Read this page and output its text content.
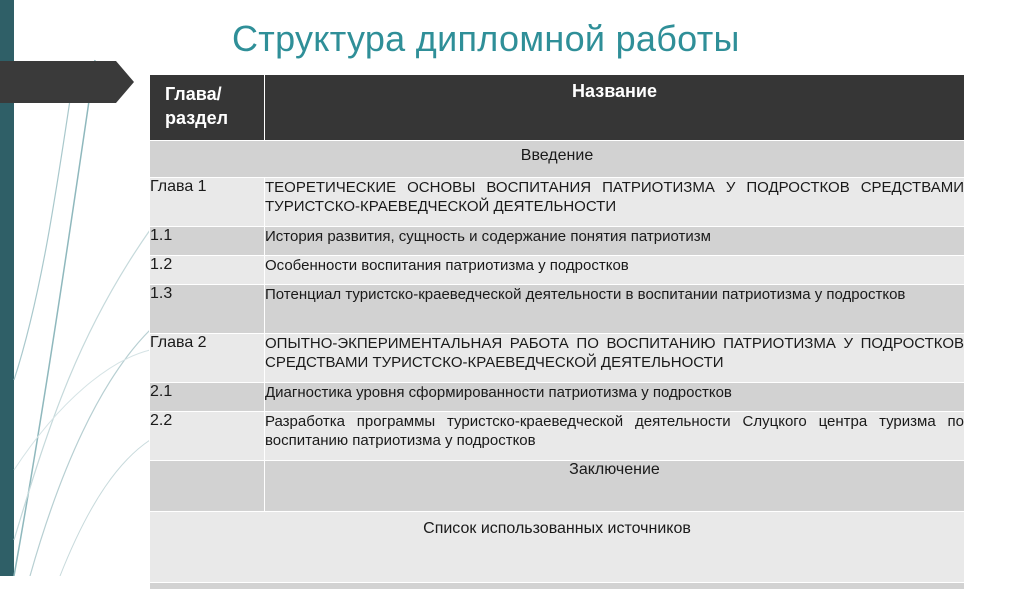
Структура дипломной работы
Глава/
раздел	Название
Введение	
Глава 1	ТЕОРЕТИЧЕСКИЕ ОСНОВЫ ВОСПИТАНИЯ ПАТРИОТИЗМА У ПОДРОСТКОВ СРЕДСТВАМИ ТУРИСТСКО-КРАЕВЕДЧЕСКОЙ ДЕЯТЕЛЬНОСТИ
1.1	История развития, сущность и содержание понятия патриотизм
1.2	Особенности воспитания патриотизма у подростков
1.3	Потенциал туристско-краеведческой деятельности в воспитании патриотизма у подростков
Глава 2	ОПЫТНО-ЭКПЕРИМЕНТАЛЬНАЯ РАБОТА ПО ВОСПИТАНИЮ ПАТРИОТИЗМА У ПОДРОСТКОВ СРЕДСТВАМИ ТУРИСТСКО-КРАЕВЕДЧЕСКОЙ ДЕЯТЕЛЬНОСТИ
2.1	Диагностика уровня сформированности патриотизма у подростков
2.2	Разработка программы туристско-краеведческой деятельности Слуцкого центра туризма по воспитанию патриотизма у подростков
	Заключение
Список использованных источников	
